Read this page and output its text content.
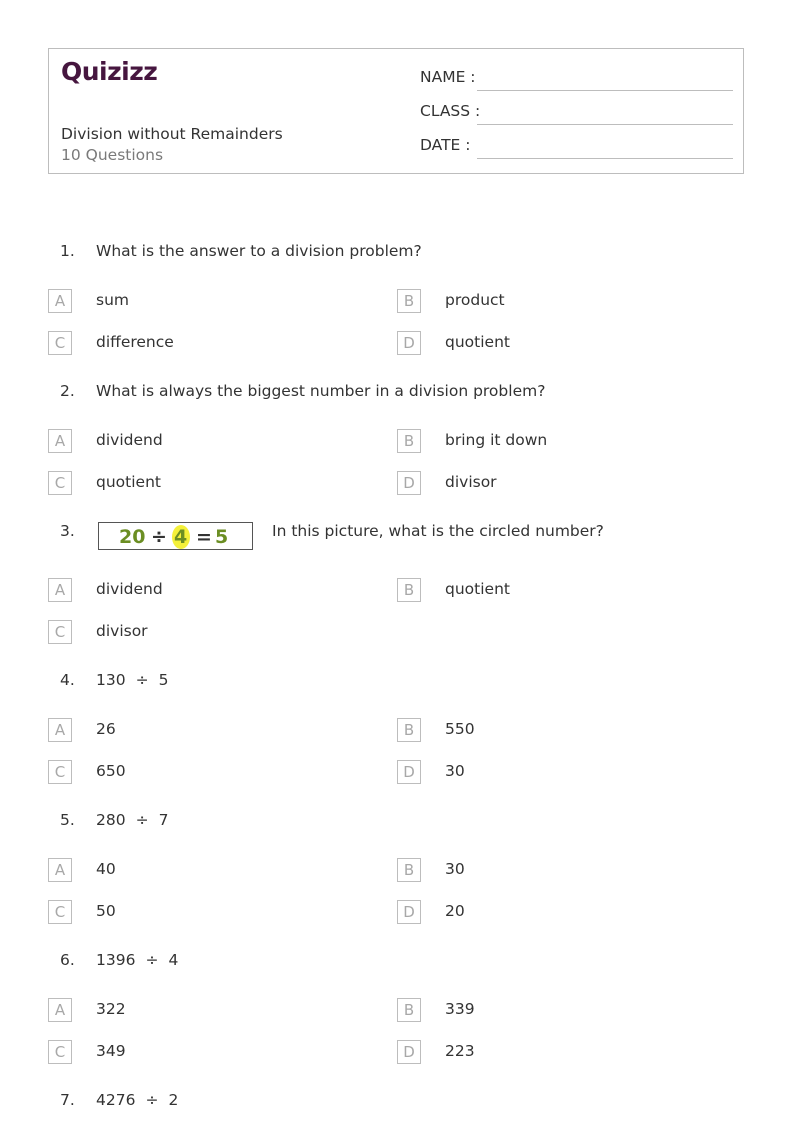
Quizizz
Division without Remainders
10 Questions
NAME :
CLASS :
DATE :
1. What is the answer to a division problem?
A	sum	B	product
C	difference	D	quotient
2. What is always the biggest number in a division problem?
A	dividend	B	bring it down
C	quotient	D	divisor
3. 20 ÷ 4 = 5	In this picture, what is the circled number?
A	dividend	B	quotient
C	divisor
4. 130 ÷ 5
A	26	B	550
C	650	D	30
5. 280 ÷ 7
A	40	B	30
C	50	D	20
6. 1396 ÷ 4
A	322	B	339
C	349	D	223
7. 4276 ÷ 2
